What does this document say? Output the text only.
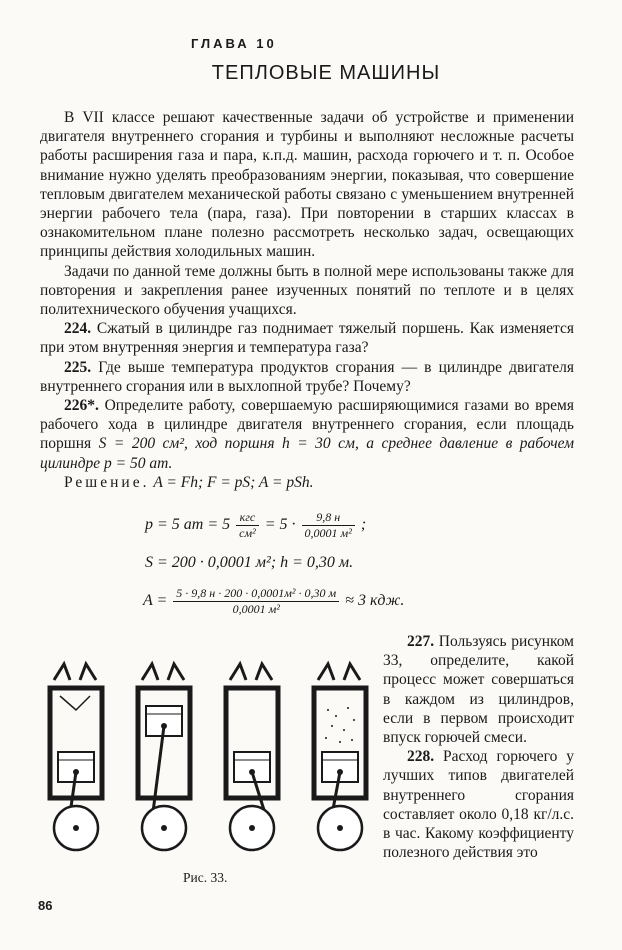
ГЛАВА 10
ТЕПЛОВЫЕ МАШИНЫ

В VII классе решают качественные задачи об устройстве и применении двигателя внутреннего сгорания и турбины и выполняют несложные расчеты работы расширения газа и пара, к.п.д. машин, расхода горючего и т. п. Особое внимание нужно уделять преобразованиям энергии, показывая, что совершение тепловым двигателем механической работы связано с уменьшением внутренней энергии рабочего тела (пара, газа). При повторении в старших классах в ознакомительном плане полезно рассмотреть несколько задач, освещающих принципы действия холодильных машин.

Задачи по данной теме должны быть в полной мере использованы также для повторения и закрепления ранее изученных понятий по теплоте и в целях политехнического обучения учащихся.

224. Сжатый в цилиндре газ поднимает тяжелый поршень. Как изменяется при этом внутренняя энергия и температура газа?

225. Где выше температура продуктов сгорания — в цилиндре двигателя внутреннего сгорания или в выхлопной трубе? Почему?

226*. Определите работу, совершаемую расширяющимися газами во время рабочего хода в цилиндре двигателя внутреннего сгорания, если площадь поршня S = 200 см², ход поршня h = 30 см, а среднее давление в рабочем цилиндре p = 50 ат.

Решение. A = Fh; F = pS; A = pSh.

p = 5 ат = $5 \frac{\text{кгс}}{\text{см²}} = 5 \cdot \frac{9,8 н}{\text{0,0001 м²}}$ ;
S = 200 · 0,0001 м²; h = 0,30 м.
$A = \frac{\text{5 · 9,8 н · 200 · 0,0001м² · 0,30 м}}{\text{0,0001 м²}} \approx 3$ кдж.

227. Пользуясь рисунком 33, определите, какой процесс может совершаться в каждом из цилиндров, если в первом происходит впуск горючей смеси.

228. Расход горючего у лучших типов двигателей внутреннего сгорания составляет около 0,18 кг/л.с. в час. Какому коэффициенту полезного действия это

Рис. 33.
86
